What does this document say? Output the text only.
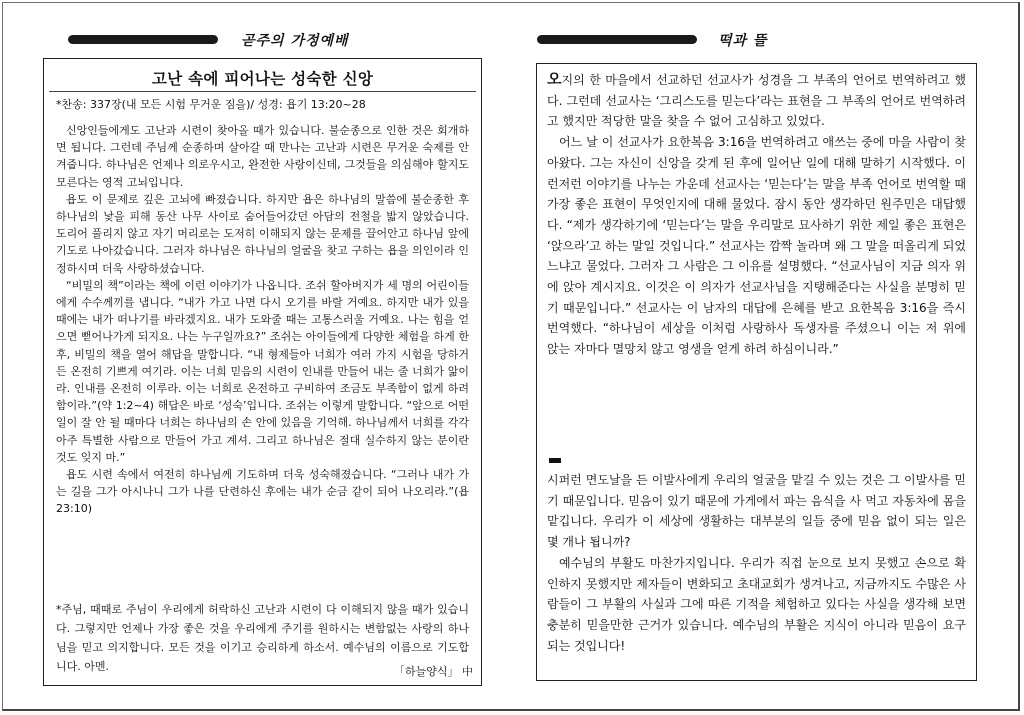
곧주의 가정예배	떡과 뜰
고난 속에 피어나는 성숙한 신앙
*찬송: 337장(내 모든 시험 무거운 짐을)/ 성경: 욥기 13:20~28

신앙인들에게도 고난과 시련이 찾아올 때가 있습니다. 불순종으로 인한 것은 회개하면 됩니다. 그런데 주님께 순종하며 살아갈 때 만나는 고난과 시련은 무거운 숙제를 안겨줍니다. 하나님은 언제나 의로우시고, 완전한 사랑이신데, 그것들을 의심해야 할지도 모른다는 영적 고뇌입니다.

욥도 이 문제로 깊은 고뇌에 빠졌습니다. 하지만 욥은 하나님의 말씀에 불순종한 후 하나님의 낯을 피해 동산 나무 사이로 숨어들어갔던 아담의 전철을 밟지 않았습니다. 도리어 풀리지 않고 자기 머리로는 도저히 이해되지 않는 문제를 끌어안고 하나님 앞에 기도로 나아갔습니다. 그러자 하나님은 하나님의 얼굴을 찾고 구하는 욥을 의인이라 인정하시며 더욱 사랑하셨습니다.

“비밀의 책”이라는 책에 이런 이야기가 나옵니다. 조쉬 할아버지가 세 명의 어린이들에게 수수께끼를 냅니다. “내가 가고 나면 다시 오기를 바랄 거예요. 하지만 내가 있을 때에는 내가 떠나기를 바라겠지요. 내가 도와줄 때는 고통스러울 거예요. 나는 힘을 얻으면 뻗어나가게 되지요. 나는 누구일까요?” 조쉬는 아이들에게 다양한 체험을 하게 한 후, 비밀의 책을 열어 해답을 말합니다. “내 형제들아 너희가 여러 가지 시험을 당하거든 온전히 기쁘게 여기라. 이는 너희 믿음의 시련이 인내를 만들어 내는 줄 너희가 앎이라. 인내를 온전히 이루라. 이는 너희로 온전하고 구비하여 조금도 부족함이 없게 하려 함이라.”(약 1:2~4) 해답은 바로 ‘성숙’입니다. 조쉬는 이렇게 말합니다. “앞으로 어떤 일이 잘 안 될 때마다 너희는 하나님의 손 안에 있음을 기억해. 하나님께서 너희를 각각 아주 특별한 사람으로 만들어 가고 계셔. 그리고 하나님은 절대 실수하지 않는 분이란 것도 잊지 마.”

욥도 시련 속에서 여전히 하나님께 기도하며 더욱 성숙해졌습니다. “그러나 내가 가는 길을 그가 아시나니 그가 나를 단련하신 후에는 내가 순금 같이 되어 나오리라.”(욥 23:10)

*주님, 때때로 주님이 우리에게 허락하신 고난과 시련이 다 이해되지 않을 때가 있습니다. 그렇지만 언제나 가장 좋은 것을 우리에게 주기를 원하시는 변함없는 사랑의 하나님을 믿고 의지합니다. 모든 것을 이기고 승리하게 하소서. 예수님의 이름으로 기도합니다. 아멘.	「하늘양식」 中

오지의 한 마을에서 선교하던 선교사가 성경을 그 부족의 언어로 번역하려고 했다. 그런데 선교사는 ‘그리스도를 믿는다’라는 표현을 그 부족의 언어로 번역하려고 했지만 적당한 말을 찾을 수 없어 고심하고 있었다.

어느 날 이 선교사가 요한복음 3:16을 번역하려고 애쓰는 중에 마을 사람이 찾아왔다. 그는 자신이 신앙을 갖게 된 후에 일어난 일에 대해 말하기 시작했다. 이런저런 이야기를 나누는 가운데 선교사는 ‘믿는다’는 말을 부족 언어로 번역할 때 가장 좋은 표현이 무엇인지에 대해 물었다. 잠시 동안 생각하던 원주민은 대답했다. “제가 생각하기에 ‘믿는다’는 말을 우리말로 묘사하기 위한 제일 좋은 표현은 ‘앉으라’고 하는 말일 것입니다.” 선교사는 깜짝 놀라며 왜 그 말을 떠올리게 되었느냐고 물었다. 그러자 그 사람은 그 이유를 설명했다. “선교사님이 지금 의자 위에 앉아 계시지요. 이것은 이 의자가 선교사님을 지탱해준다는 사실을 분명히 믿기 때문입니다.” 선교사는 이 남자의 대답에 은혜를 받고 요한복음 3:16을 즉시 번역했다. “하나님이 세상을 이처럼 사랑하사 독생자를 주셨으니 이는 저 위에 앉는 자마다 멸망치 않고 영생을 얻게 하려 하심이니라.”

시퍼런 면도날을 든 이발사에게 우리의 얼굴을 맡길 수 있는 것은 그 이발사를 믿기 때문입니다. 믿음이 있기 때문에 가게에서 파는 음식을 사 먹고 자동차에 몸을 맡깁니다. 우리가 이 세상에 생활하는 대부분의 일들 중에 믿음 없이 되는 일은 몇 개나 됩니까?

예수님의 부활도 마찬가지입니다. 우리가 직접 눈으로 보지 못했고 손으로 확인하지 못했지만 제자들이 변화되고 초대교회가 생겨나고, 지금까지도 수많은 사람들이 그 부활의 사실과 그에 따른 기적을 체험하고 있다는 사실을 생각해 보면 충분히 믿을만한 근거가 있습니다. 예수님의 부활은 지식이 아니라 믿음이 요구되는 것입니다!
